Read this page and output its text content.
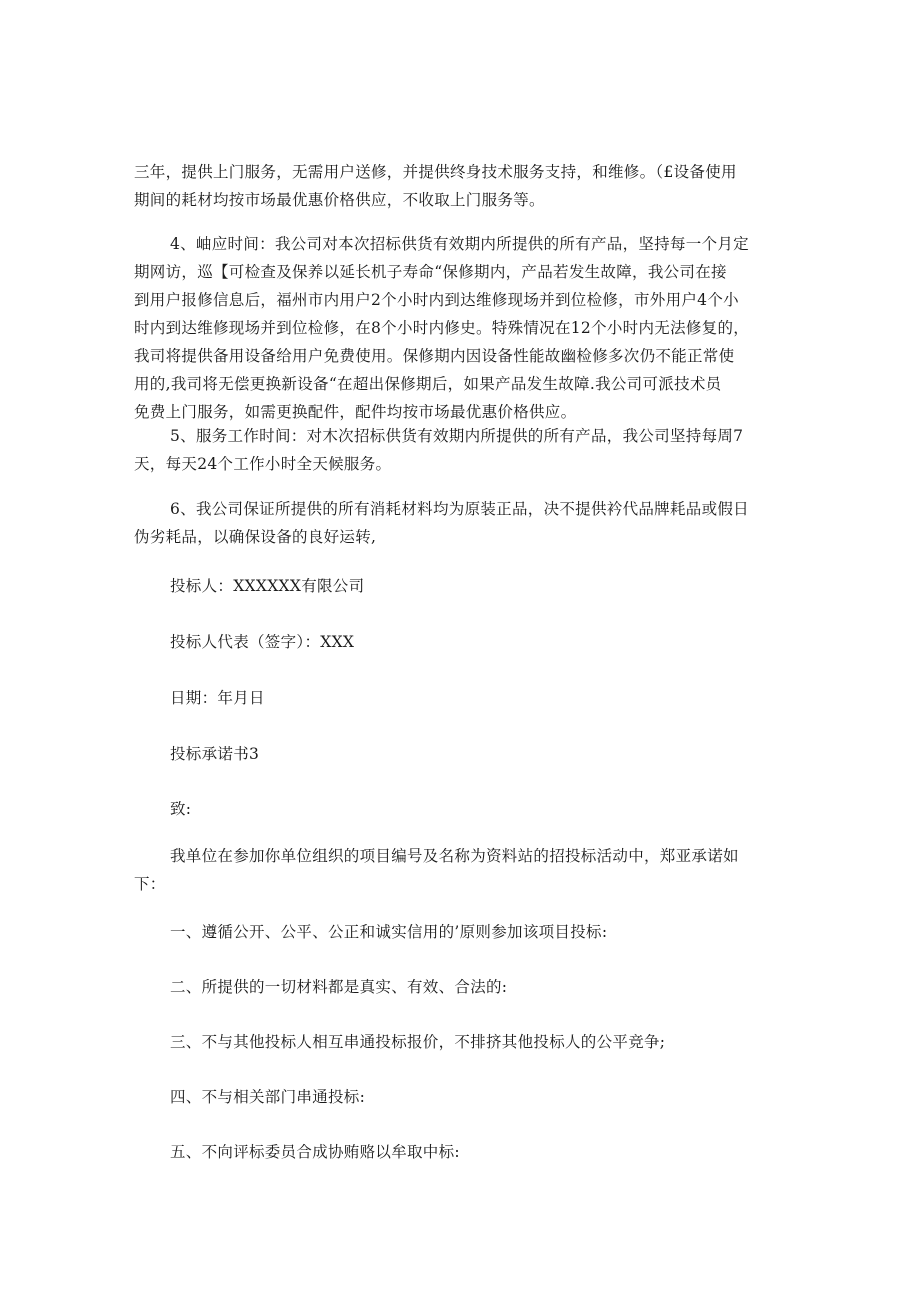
三年，提供上门服务，无需用户送修，并提供终身技术服务支持，和维修。（£设备使用
期间的耗材均按市场最优惠价格供应，不收取上门服务等。
4、岫应时间：我公司对本次招标供货有效期内所提供的所有产品，坚持每一个月定
期网访，巡【可检查及保养以延长机子寿命“保修期内，产品若发生故障，我公司在接
到用户报修信息后，福州市内用户2个小时内到达维修现场并到位检修，市外用户4个小
时内到达维修现场并到位检修，在8个小时内修史。特殊情况在12个小时内无法修复的，
我司将提供备用设备给用户免费使用。保修期内因设备性能故幽检修多次仍不能正常使
用的,我司将无偿更换新设备“在超出保修期后，如果产品发生故障.我公司可派技术员
免费上门服务，如需更换配件，配件均按市场最优惠价格供应。
5、服务工作时间：对木次招标供货有效期内所提供的所有产品，我公司坚持每周7
天，每天24个工作小时全天候服务。
6、我公司保证所提供的所有消耗材料均为原装正品，决不提供衿代品牌耗品或假日
伪劣耗品，以确保设备的良好运转,

投标人：XXXXXX有限公司

投标人代表（签字）：XXX

日期：年月日

投标承诺书3

致:

我单位在参加你单位组织的项目编号及名称为资料站的招投标活动中，郑亚承诺如
下：

一、遵循公开、公平、公正和诚实信用的’原则参加该项目投标:

二、所提供的一切材料都是真实、有效、合法的:

三、不与其他投标人相互串通投标报价，不排挤其他投标人的公平竞争;

四、不与相关部门串通投标:

五、不向评标委员合成协贿赂以牟取中标:
